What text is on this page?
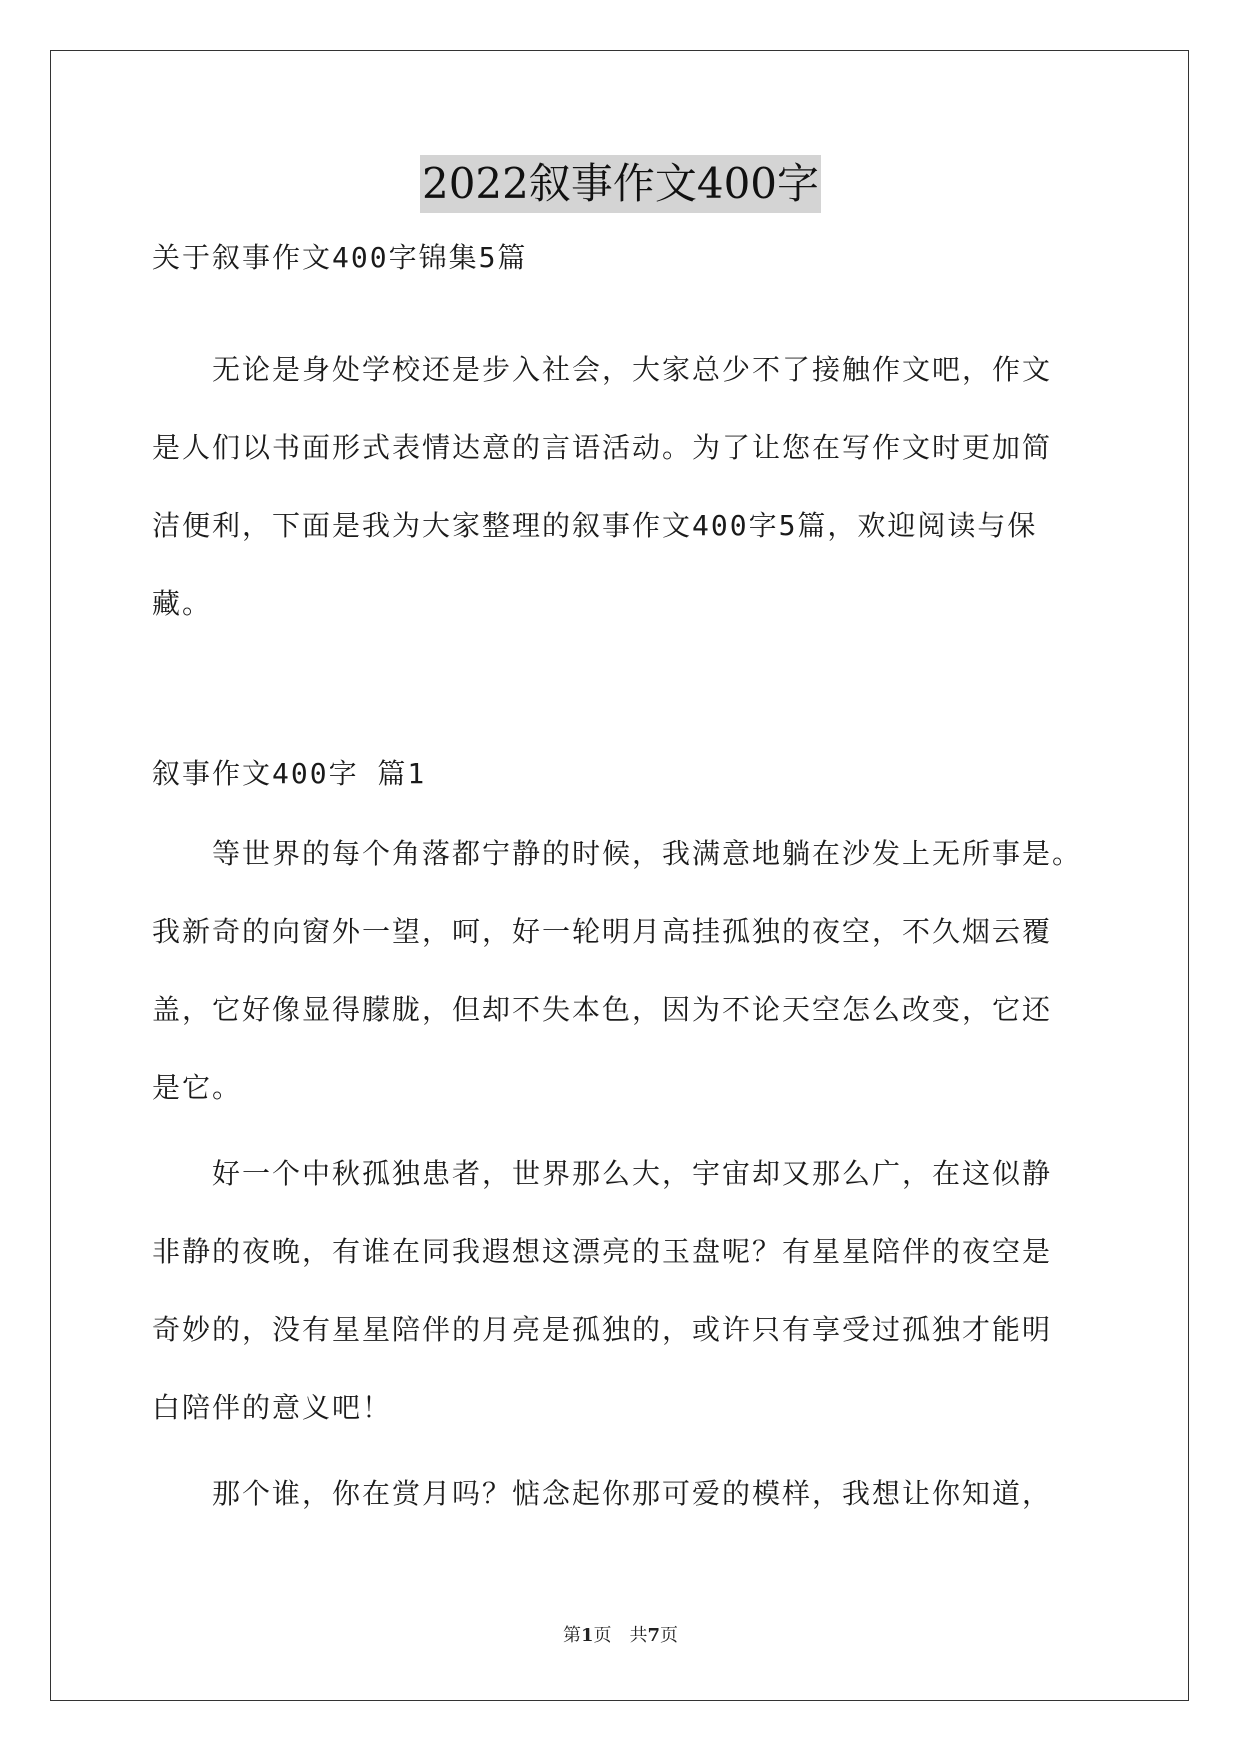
2022叙事作文400字
关于叙事作文400字锦集5篇
　　无论是身处学校还是步入社会，大家总少不了接触作文吧，作文
是人们以书面形式表情达意的言语活动。为了让您在写作文时更加简
洁便利，下面是我为大家整理的叙事作文400字5篇，欢迎阅读与保
藏。
叙事作文400字 篇1
　　等世界的每个角落都宁静的时候，我满意地躺在沙发上无所事是。
我新奇的向窗外一望，呵，好一轮明月高挂孤独的夜空，不久烟云覆
盖，它好像显得朦胧，但却不失本色，因为不论天空怎么改变，它还
是它。
　　好一个中秋孤独患者，世界那么大，宇宙却又那么广，在这似静
非静的夜晚，有谁在同我遐想这漂亮的玉盘呢？有星星陪伴的夜空是
奇妙的，没有星星陪伴的月亮是孤独的，或许只有享受过孤独才能明
白陪伴的意义吧！
　　那个谁，你在赏月吗？惦念起你那可爱的模样，我想让你知道，
第1页　共7页
